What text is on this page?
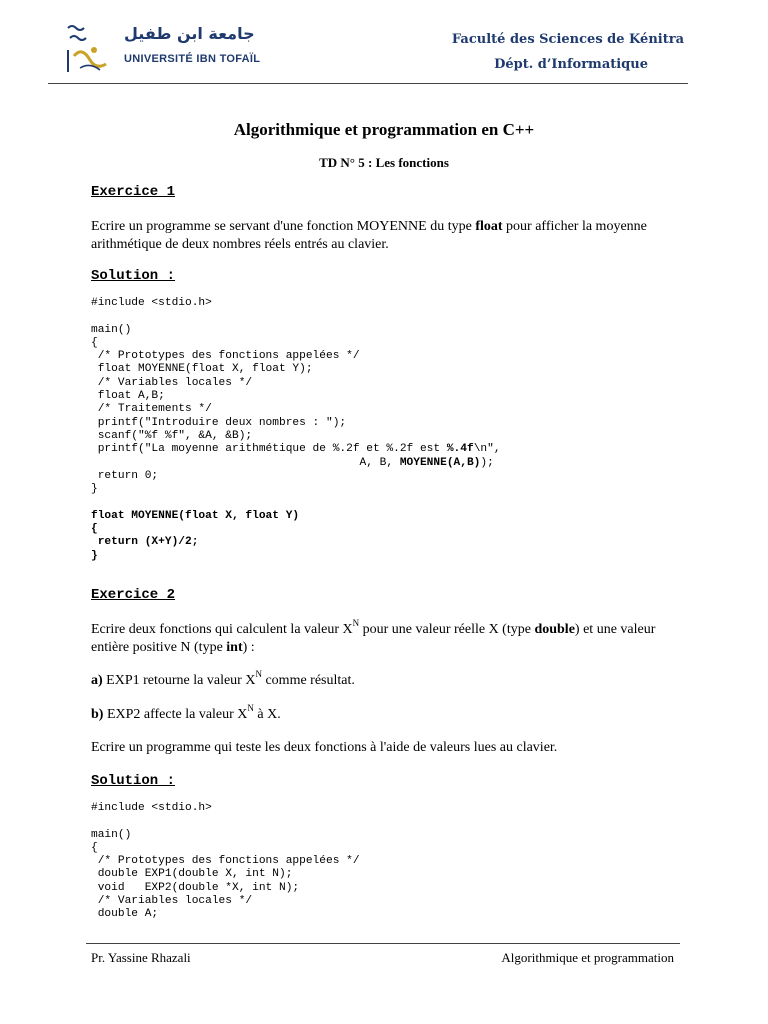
جامعة ابن طفيل
UNIVERSITÉ IBN TOFAÏL
Faculté des Sciences de Kénitra
Dépt. d’Informatique
Algorithmique et programmation en C++
TD N° 5 : Les fonctions
Exercice 1
Ecrire un programme se servant d'une fonction MOYENNE du type float pour afficher la moyenne arithmétique de deux nombres réels entrés au clavier.
Solution :
#include <stdio.h>

main()
{
/* Prototypes des fonctions appelées */
float MOYENNE(float X, float Y);
/* Variables locales */
float A,B;
/* Traitements */
printf("Introduire deux nombres : ");
scanf("%f %f", &A, &B);
printf("La moyenne arithmétique de %.2f et %.2f est %.4f\n",
A, B, MOYENNE(A,B));
return 0;
}

float MOYENNE(float X, float Y)
{
return (X+Y)/2;
}
Exercice 2
Ecrire deux fonctions qui calculent la valeur $X^N$ pour une valeur réelle X (type double) et une valeur entière positive N (type int) :
a) EXP1 retourne la valeur $X^N$ comme résultat.
b) EXP2 affecte la valeur $X^N$ à X.
Ecrire un programme qui teste les deux fonctions à l'aide de valeurs lues au clavier.
Solution :
#include <stdio.h>

main()
{
/* Prototypes des fonctions appelées */
double EXP1(double X, int N);
void   EXP2(double *X, int N);
/* Variables locales */
double A;
Pr. Yassine Rhazali	Algorithmique et programmation
